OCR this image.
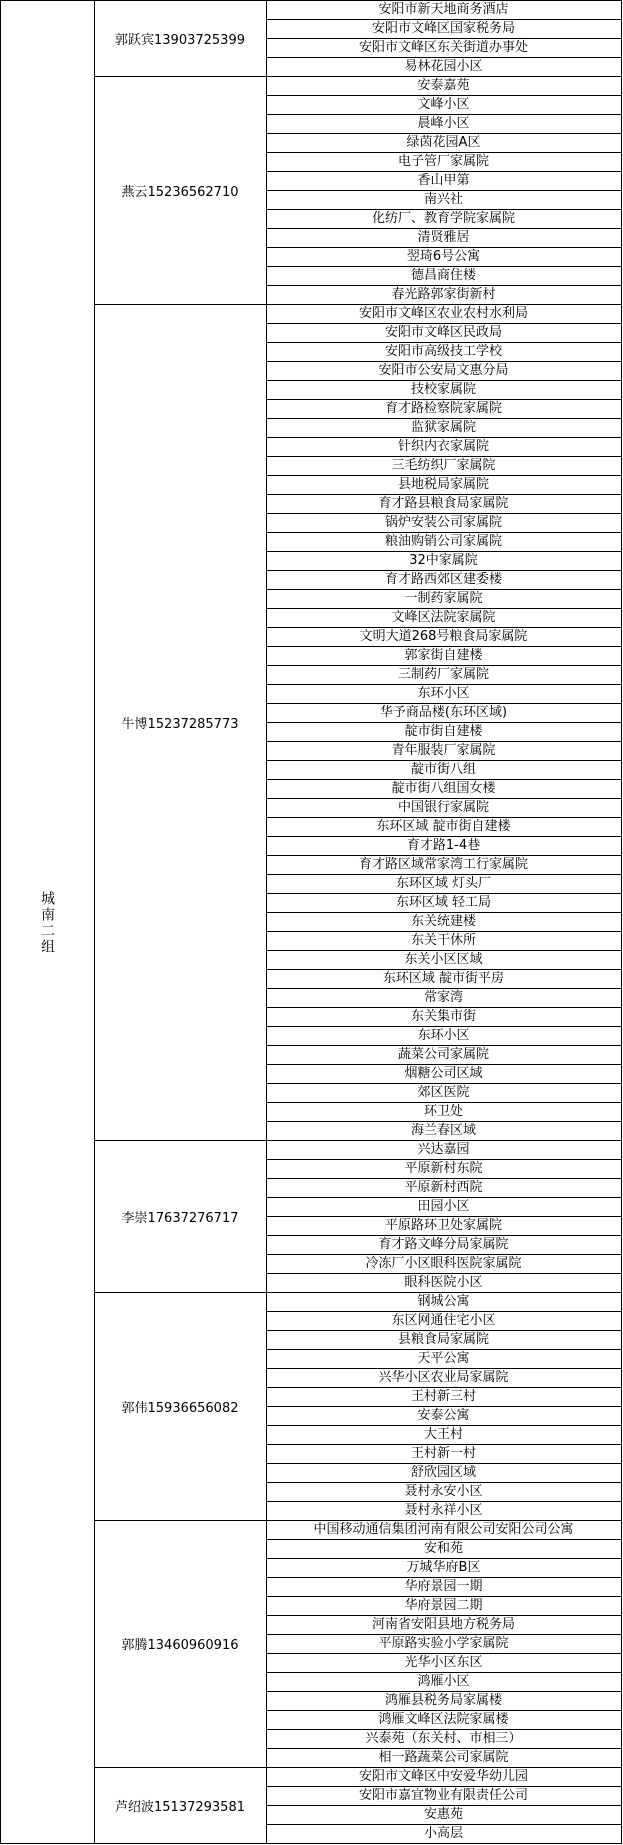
城南二组
郭跃宾13903725399
安阳市新天地商务酒店
安阳市文峰区国家税务局
安阳市文峰区东关街道办事处
易林花园小区
燕云15236562710
安泰嘉苑
文峰小区
晨峰小区
绿茵花园A区
电子管厂家属院
香山甲第
南兴社
化纺厂、教育学院家属院
清贤雅居
翌琦6号公寓
德昌商住楼
春光路郭家街新村
牛博15237285773
安阳市文峰区农业农村水利局
安阳市文峰区民政局
安阳市高级技工学校
安阳市公安局文惠分局
技校家属院
育才路检察院家属院
监狱家属院
针织内衣家属院
三毛纺织厂家属院
县地税局家属院
育才路县粮食局家属院
锅炉安装公司家属院
粮油购销公司家属院
32中家属院
育才路西郊区建委楼
一制药家属院
文峰区法院家属院
文明大道268号粮食局家属院
郭家街自建楼
三制药厂家属院
东环小区
华予商品楼(东环区域)
靛市街自建楼
青年服装厂家属院
靛市街八组
靛市街八组国女楼
中国银行家属院
东环区域 靛市街自建楼
育才路1-4巷
育才路区域常家湾工行家属院
东环区域 灯头厂
东环区域 轻工局
东关统建楼
东关干休所
东关小区区域
东环区域 靛市街平房
常家湾
东关集市街
东环小区
蔬菜公司家属院
烟糖公司区域
郊区医院
环卫处
海兰春区域
李崇17637276717
兴达嘉园
平原新村东院
平原新村西院
田园小区
平原路环卫处家属院
育才路文峰分局家属院
冷冻厂小区眼科医院家属院
眼科医院小区
郭伟15936656082
钢城公寓
东区网通住宅小区
县粮食局家属院
天平公寓
兴华小区农业局家属院
王村新三村
安泰公寓
大王村
王村新一村
舒欣园区域
聂村永安小区
聂村永祥小区
郭腾13460960916
中国移动通信集团河南有限公司安阳公司公寓
安和苑
万城华府B区
华府景园一期
华府景园二期
河南省安阳县地方税务局
平原路实验小学家属院
光华小区东区
鸿雁小区
鸿雁县税务局家属楼
鸿雁文峰区法院家属楼
兴泰苑（东关村、市相三）
相一路蔬菜公司家属院
芦绍波15137293581
安阳市文峰区中安爱华幼儿园
安阳市嘉宜物业有限责任公司
安惠苑
小高层
